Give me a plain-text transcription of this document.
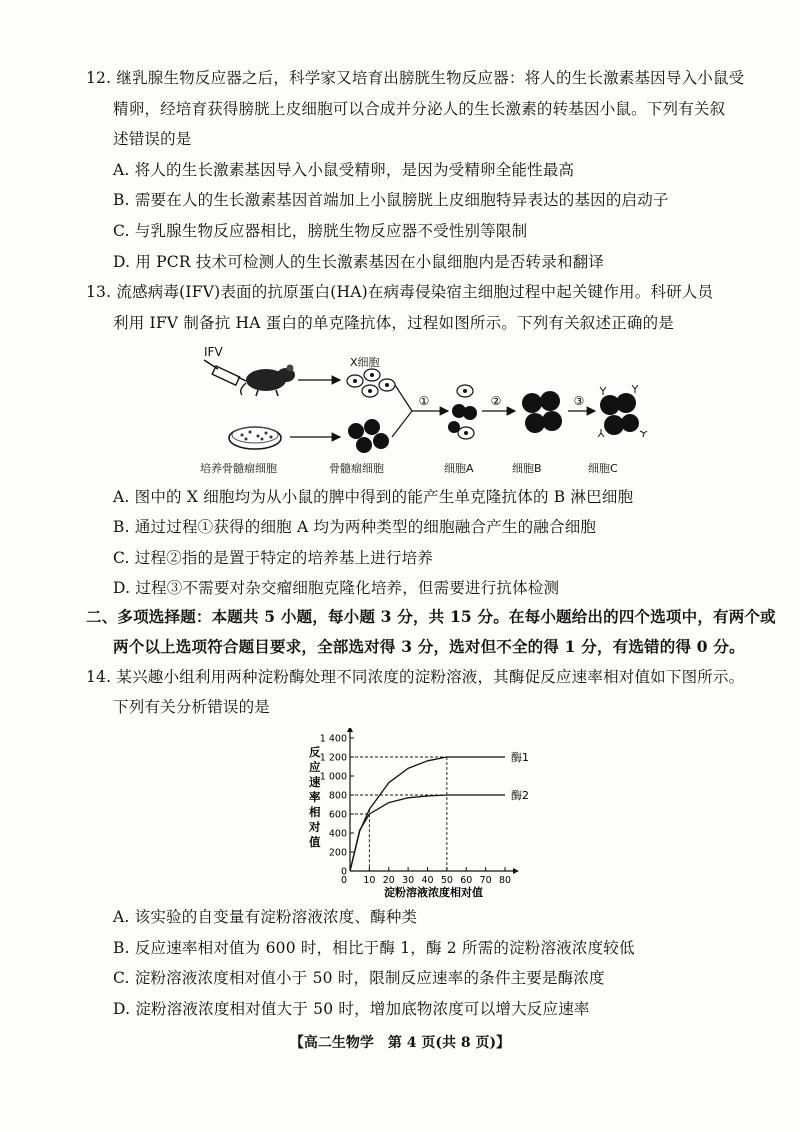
12. 继乳腺生物反应器之后，科学家又培育出膀胱生物反应器：将人的生长激素基因导入小鼠受
精卵，经培育获得膀胱上皮细胞可以合成并分泌人的生长激素的转基因小鼠。下列有关叙
述错误的是
A. 将人的生长激素基因导入小鼠受精卵，是因为受精卵全能性最高
B. 需要在人的生长激素基因首端加上小鼠膀胱上皮细胞特异表达的基因的启动子
C. 与乳腺生物反应器相比，膀胱生物反应器不受性别等限制
D. 用 PCR 技术可检测人的生长激素基因在小鼠细胞内是否转录和翻译
13. 流感病毒(IFV)表面的抗原蛋白(HA)在病毒侵染宿主细胞过程中起关键作用。科研人员
利用 IFV 制备抗 HA 蛋白的单克隆抗体，过程如图所示。下列有关叙述正确的是
①	②	③
IFV
X细胞
培养骨髓瘤细胞	骨髓瘤细胞	细胞A	细胞B	细胞C
A. 图中的 X 细胞均为从小鼠的脾中得到的能产生单克隆抗体的 B 淋巴细胞
B. 通过过程①获得的细胞 A 均为两种类型的细胞融合产生的融合细胞
C. 过程②指的是置于特定的培养基上进行培养
D. 过程③不需要对杂交瘤细胞克隆化培养，但需要进行抗体检测
二、多项选择题：本题共 5 小题，每小题 3 分，共 15 分。在每小题给出的四个选项中，有两个或
两个以上选项符合题目要求，全部选对得 3 分，选对但不全的得 1 分，有选错的得 0 分。
14. 某兴趣小组利用两种淀粉酶处理不同浓度的淀粉溶液，其酶促反应速率相对值如下图所示。
下列有关分析错误的是
0
200
400
600
800
1 000
1 200
1 400
0 10 20 30 40 50 60 70 80
酶1
酶2
反应速率相对值
淀粉溶液浓度相对值
A. 该实验的自变量有淀粉溶液浓度、酶种类
B. 反应速率相对值为 600 时，相比于酶 1，酶 2 所需的淀粉溶液浓度较低
C. 淀粉溶液浓度相对值小于 50 时，限制反应速率的条件主要是酶浓度
D. 淀粉溶液浓度相对值大于 50 时，增加底物浓度可以增大反应速率
【高二生物学　第 4 页(共 8 页)】
